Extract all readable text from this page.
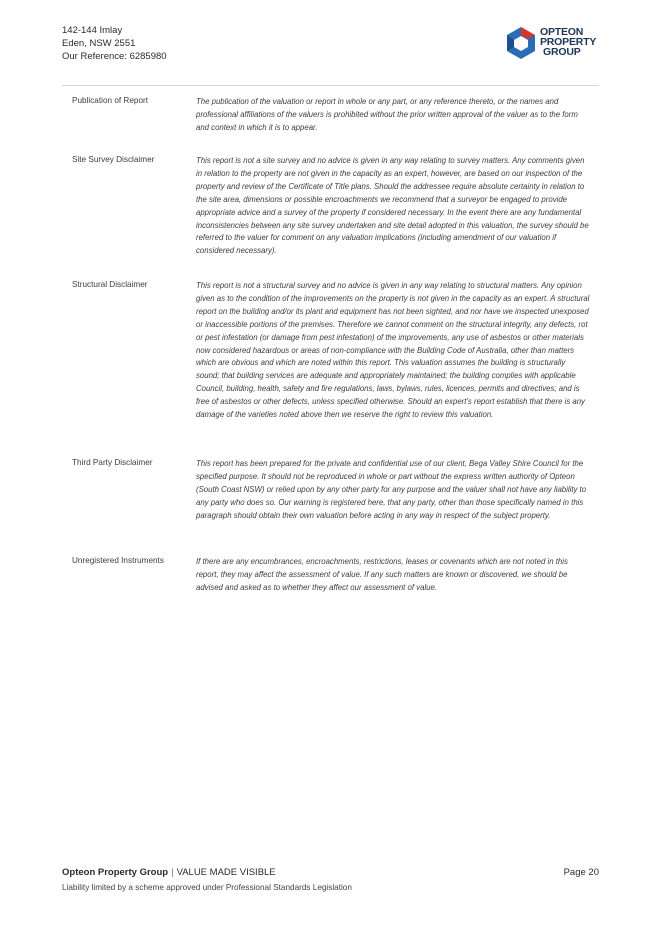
142-144 Imlay
Eden, NSW 2551
Our Reference: 6285980
OPTEON
PROPERTY
GROUP
Publication of Report	The publication of the valuation or report in whole or any part, or any reference thereto, or the names and professional affiliations of the valuers is prohibited without the prior written approval of the valuer as to the form and context in which it is to appear.
Site Survey Disclaimer	This report is not a site survey and no advice is given in any way relating to survey matters. Any comments given in relation to the property are not given in the capacity as an expert, however, are based on our inspection of the property and review of the Certificate of Title plans. Should the addressee require absolute certainty in relation to the site area, dimensions or possible encroachments we recommend that a surveyor be engaged to provide appropriate advice and a survey of the property if considered necessary. In the event there are any fundamental inconsistencies between any site survey undertaken and site detail adopted in this valuation, the survey should be referred to the valuer for comment on any valuation implications (including amendment of our valuation if considered necessary).
Structural Disclaimer	This report is not a structural survey and no advice is given in any way relating to structural matters. Any opinion given as to the condition of the improvements on the property is not given in the capacity as an expert. A structural report on the building and/or its plant and equipment has not been sighted, and nor have we inspected unexposed or inaccessible portions of the premises. Therefore we cannot comment on the structural integrity, any defects, rot or pest infestation (or damage from pest infestation) of the improvements, any use of asbestos or other materials now considered hazardous or areas of non-compliance with the Building Code of Australia, other than matters which are obvious and which are noted within this report. This valuation assumes the building is structurally sound; that building services are adequate and appropriately maintained; the building complies with applicable Council, building, health, safety and fire regulations, laws, bylaws, rules, licences, permits and directives; and is free of asbestos or other defects, unless specified otherwise. Should an expert's report establish that there is any damage of the varieties noted above then we reserve the right to review this valuation.
Third Party Disclaimer	This report has been prepared for the private and confidential use of our client, Bega Valley Shire Council for the specified purpose. It should not be reproduced in whole or part without the express written authority of Opteon (South Coast NSW) or relied upon by any other party for any purpose and the valuer shall not have any liability to any party who does so. Our warning is registered here, that any party, other than those specifically named in this paragraph should obtain their own valuation before acting in any way in respect of the subject property.
Unregistered Instruments	If there are any encumbrances, encroachments, restrictions, leases or covenants which are not noted in this report, they may affect the assessment of value. If any such matters are known or discovered, we should be advised and asked as to whether they affect our assessment of value.
Opteon Property Group | VALUE MADE VISIBLE	Page 20
Liability limited by a scheme approved under Professional Standards Legislation
